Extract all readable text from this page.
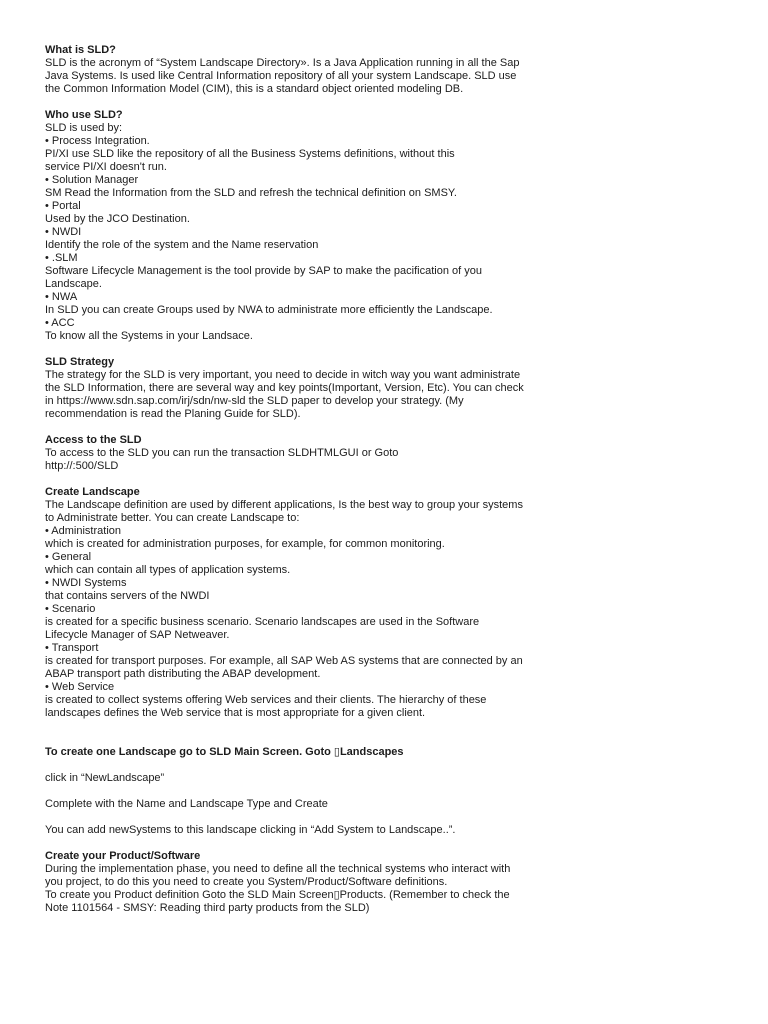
What is SLD?
SLD is the acronym of “System Landscape Directory». Is a Java Application running in all the Sap
Java Systems. Is used like Central Information repository of all your system Landscape. SLD use
the Common Information Model (CIM), this is a standard object oriented modeling DB.
Who use SLD?
SLD is used by:
• Process Integration.
PI/XI use SLD like the repository of all the Business Systems definitions, without this
service PI/XI doesn't run.
• Solution Manager
SM Read the Information from the SLD and refresh the technical definition on SMSY.
• Portal
Used by the JCO Destination.
• NWDI
Identify the role of the system and the Name reservation
• .SLM
Software Lifecycle Management is the tool provide by SAP to make the pacification of you
Landscape.
• NWA
In SLD you can create Groups used by NWA to administrate more efficiently the Landscape.
• ACC
To know all the Systems in your Landsace.
SLD Strategy
The strategy for the SLD is very important, you need to decide in witch way you want administrate
the SLD Information, there are several way and key points(Important, Version, Etc). You can check
in https://www.sdn.sap.com/irj/sdn/nw-sld the SLD paper to develop your strategy. (My
recommendation is read the Planing Guide for SLD).
Access to the SLD
To access to the SLD you can run the transaction SLDHTMLGUI or Goto
http://:500/SLD
Create Landscape
The Landscape definition are used by different applications, Is the best way to group your systems
to Administrate better. You can create Landscape to:
• Administration
which is created for administration purposes, for example, for common monitoring.
• General
which can contain all types of application systems.
• NWDI Systems
that contains servers of the NWDI
• Scenario
is created for a specific business scenario. Scenario landscapes are used in the Software
Lifecycle Manager of SAP Netweaver.
• Transport
is created for transport purposes. For example, all SAP Web AS systems that are connected by an
ABAP transport path distributing the ABAP development.
• Web Service
is created to collect systems offering Web services and their clients. The hierarchy of these
landscapes defines the Web service that is most appropriate for a given client.
To create one Landscape go to SLD Main Screen. Goto ▯Landscapes
click in “NewLandscape”
Complete with the Name and Landscape Type and Create
You can add newSystems to this landscape clicking in “Add System to Landscape..”.
Create your Product/Software
During the implementation phase, you need to define all the technical systems who interact with
you project, to do this you need to create you System/Product/Software definitions.
To create you Product definition Goto the SLD Main Screen▯Products. (Remember to check the
Note 1101564 - SMSY: Reading third party products from the SLD)
